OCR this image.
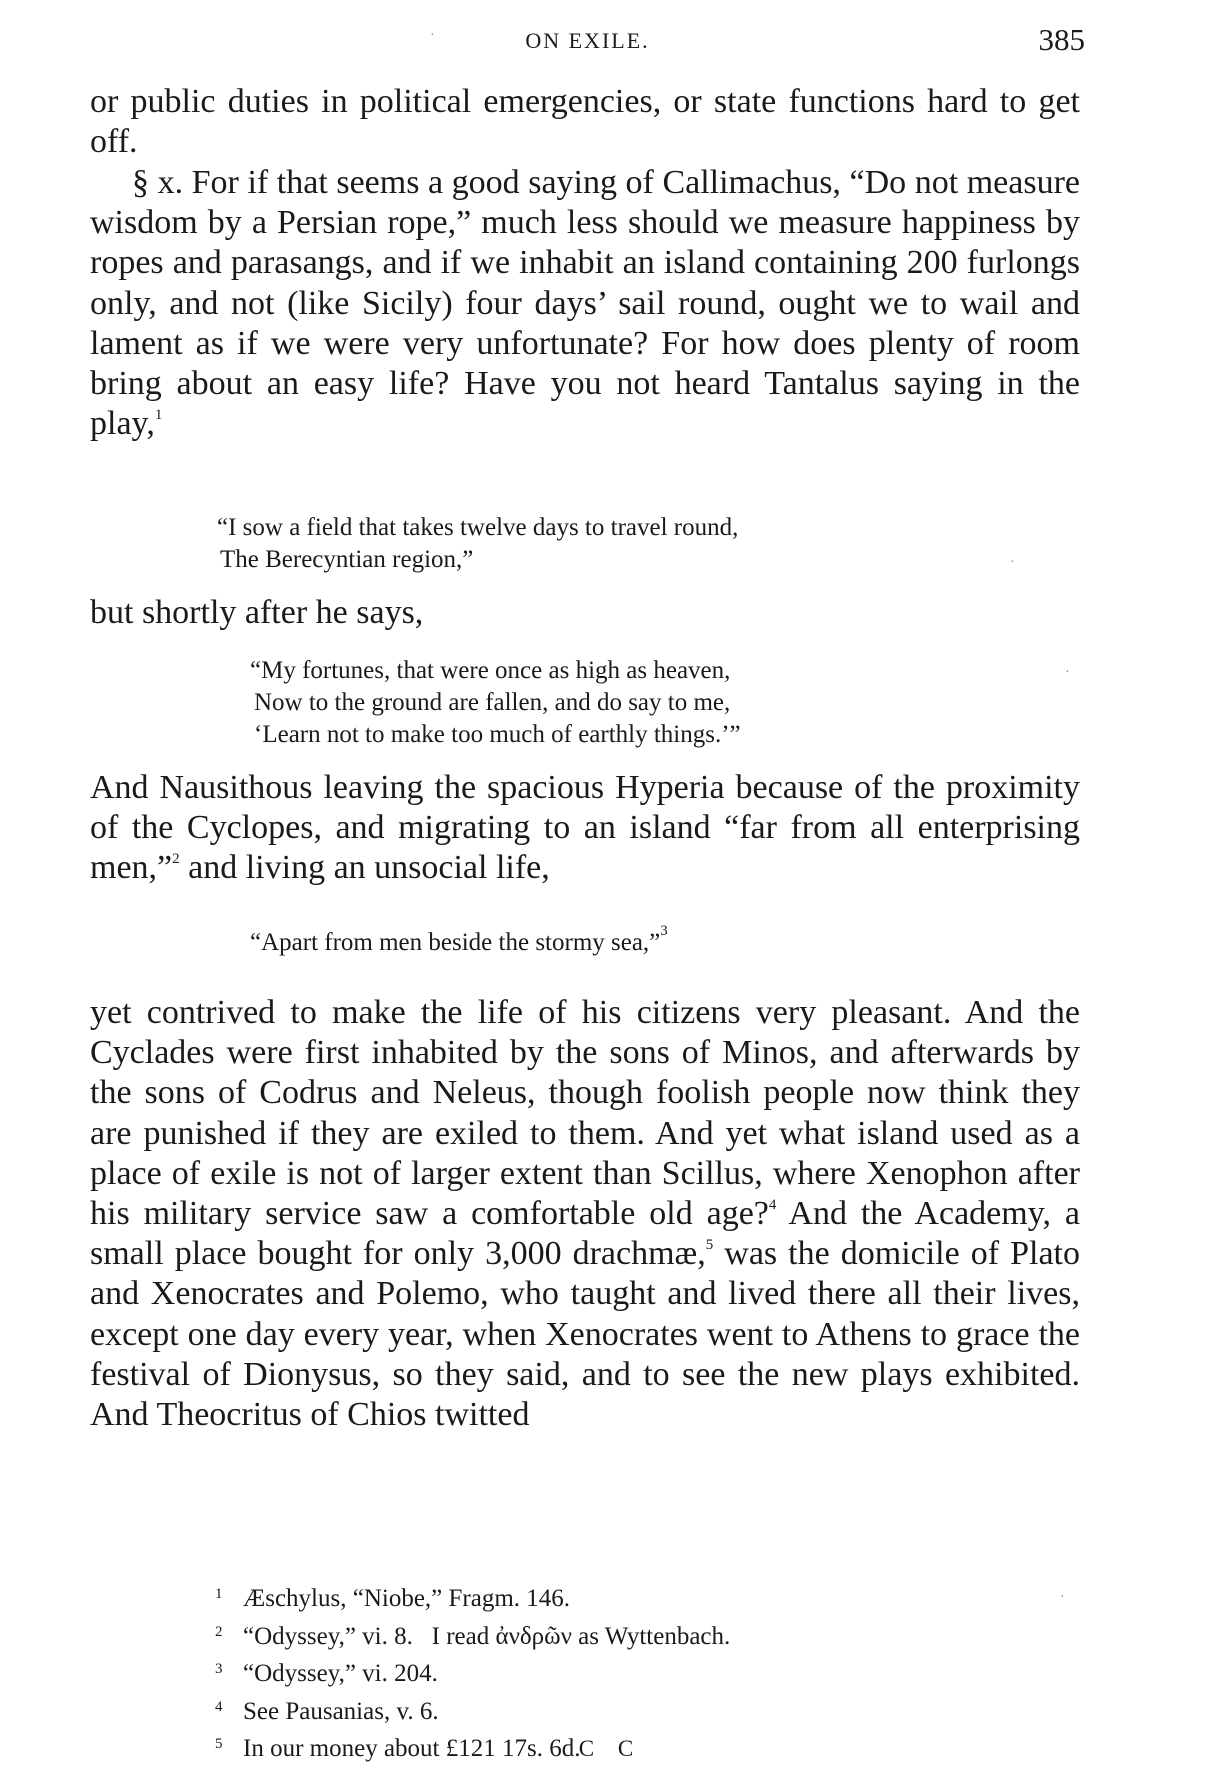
ON EXILE.	385

or public duties in political emergencies, or state functions hard to get off.

§ x. For if that seems a good saying of Callimachus, “Do not measure wisdom by a Persian rope,” much less should we measure happiness by ropes and parasangs, and if we inhabit an island containing 200 furlongs only, and not (like Sicily) four days’ sail round, ought we to wail and lament as if we were very unfortunate? For how does plenty of room bring about an easy life? Have you not heard Tantalus saying in the play,$^1$

“I sow a field that takes twelve days to travel round,
The Berecyntian region,”

but shortly after he says,

“My fortunes, that were once as high as heaven,
Now to the ground are fallen, and do say to me,
‘Learn not to make too much of earthly things.’”

And Nausithous leaving the spacious Hyperia because of the proximity of the Cyclopes, and migrating to an island “far from all enterprising men,”$^2$ and living an unsocial life,

“Apart from men beside the stormy sea,”$^3$

yet contrived to make the life of his citizens very pleasant. And the Cyclades were first inhabited by the sons of Minos, and afterwards by the sons of Codrus and Neleus, though foolish people now think they are punished if they are exiled to them. And yet what island used as a place of exile is not of larger extent than Scillus, where Xenophon after his military service saw a comfortable old age?$^4$ And the Academy, a small place bought for only 3,000 drachmæ,$^5$ was the domicile of Plato and Xenocrates and Polemo, who taught and lived there all their lives, except one day every year, when Xenocrates went to Athens to grace the festival of Dionysus, so they said, and to see the new plays exhibited. And Theocritus of Chios twitted

1 Æschylus, “Niobe,” Fragm. 146.
2 “Odyssey,” vi. 8.   I read ἀνδρῶν as Wyttenbach.
3 “Odyssey,” vi. 204.
4 See Pausanias, v. 6.
5 In our money about £121 17s. 6d.
C C
·
·
·
·
